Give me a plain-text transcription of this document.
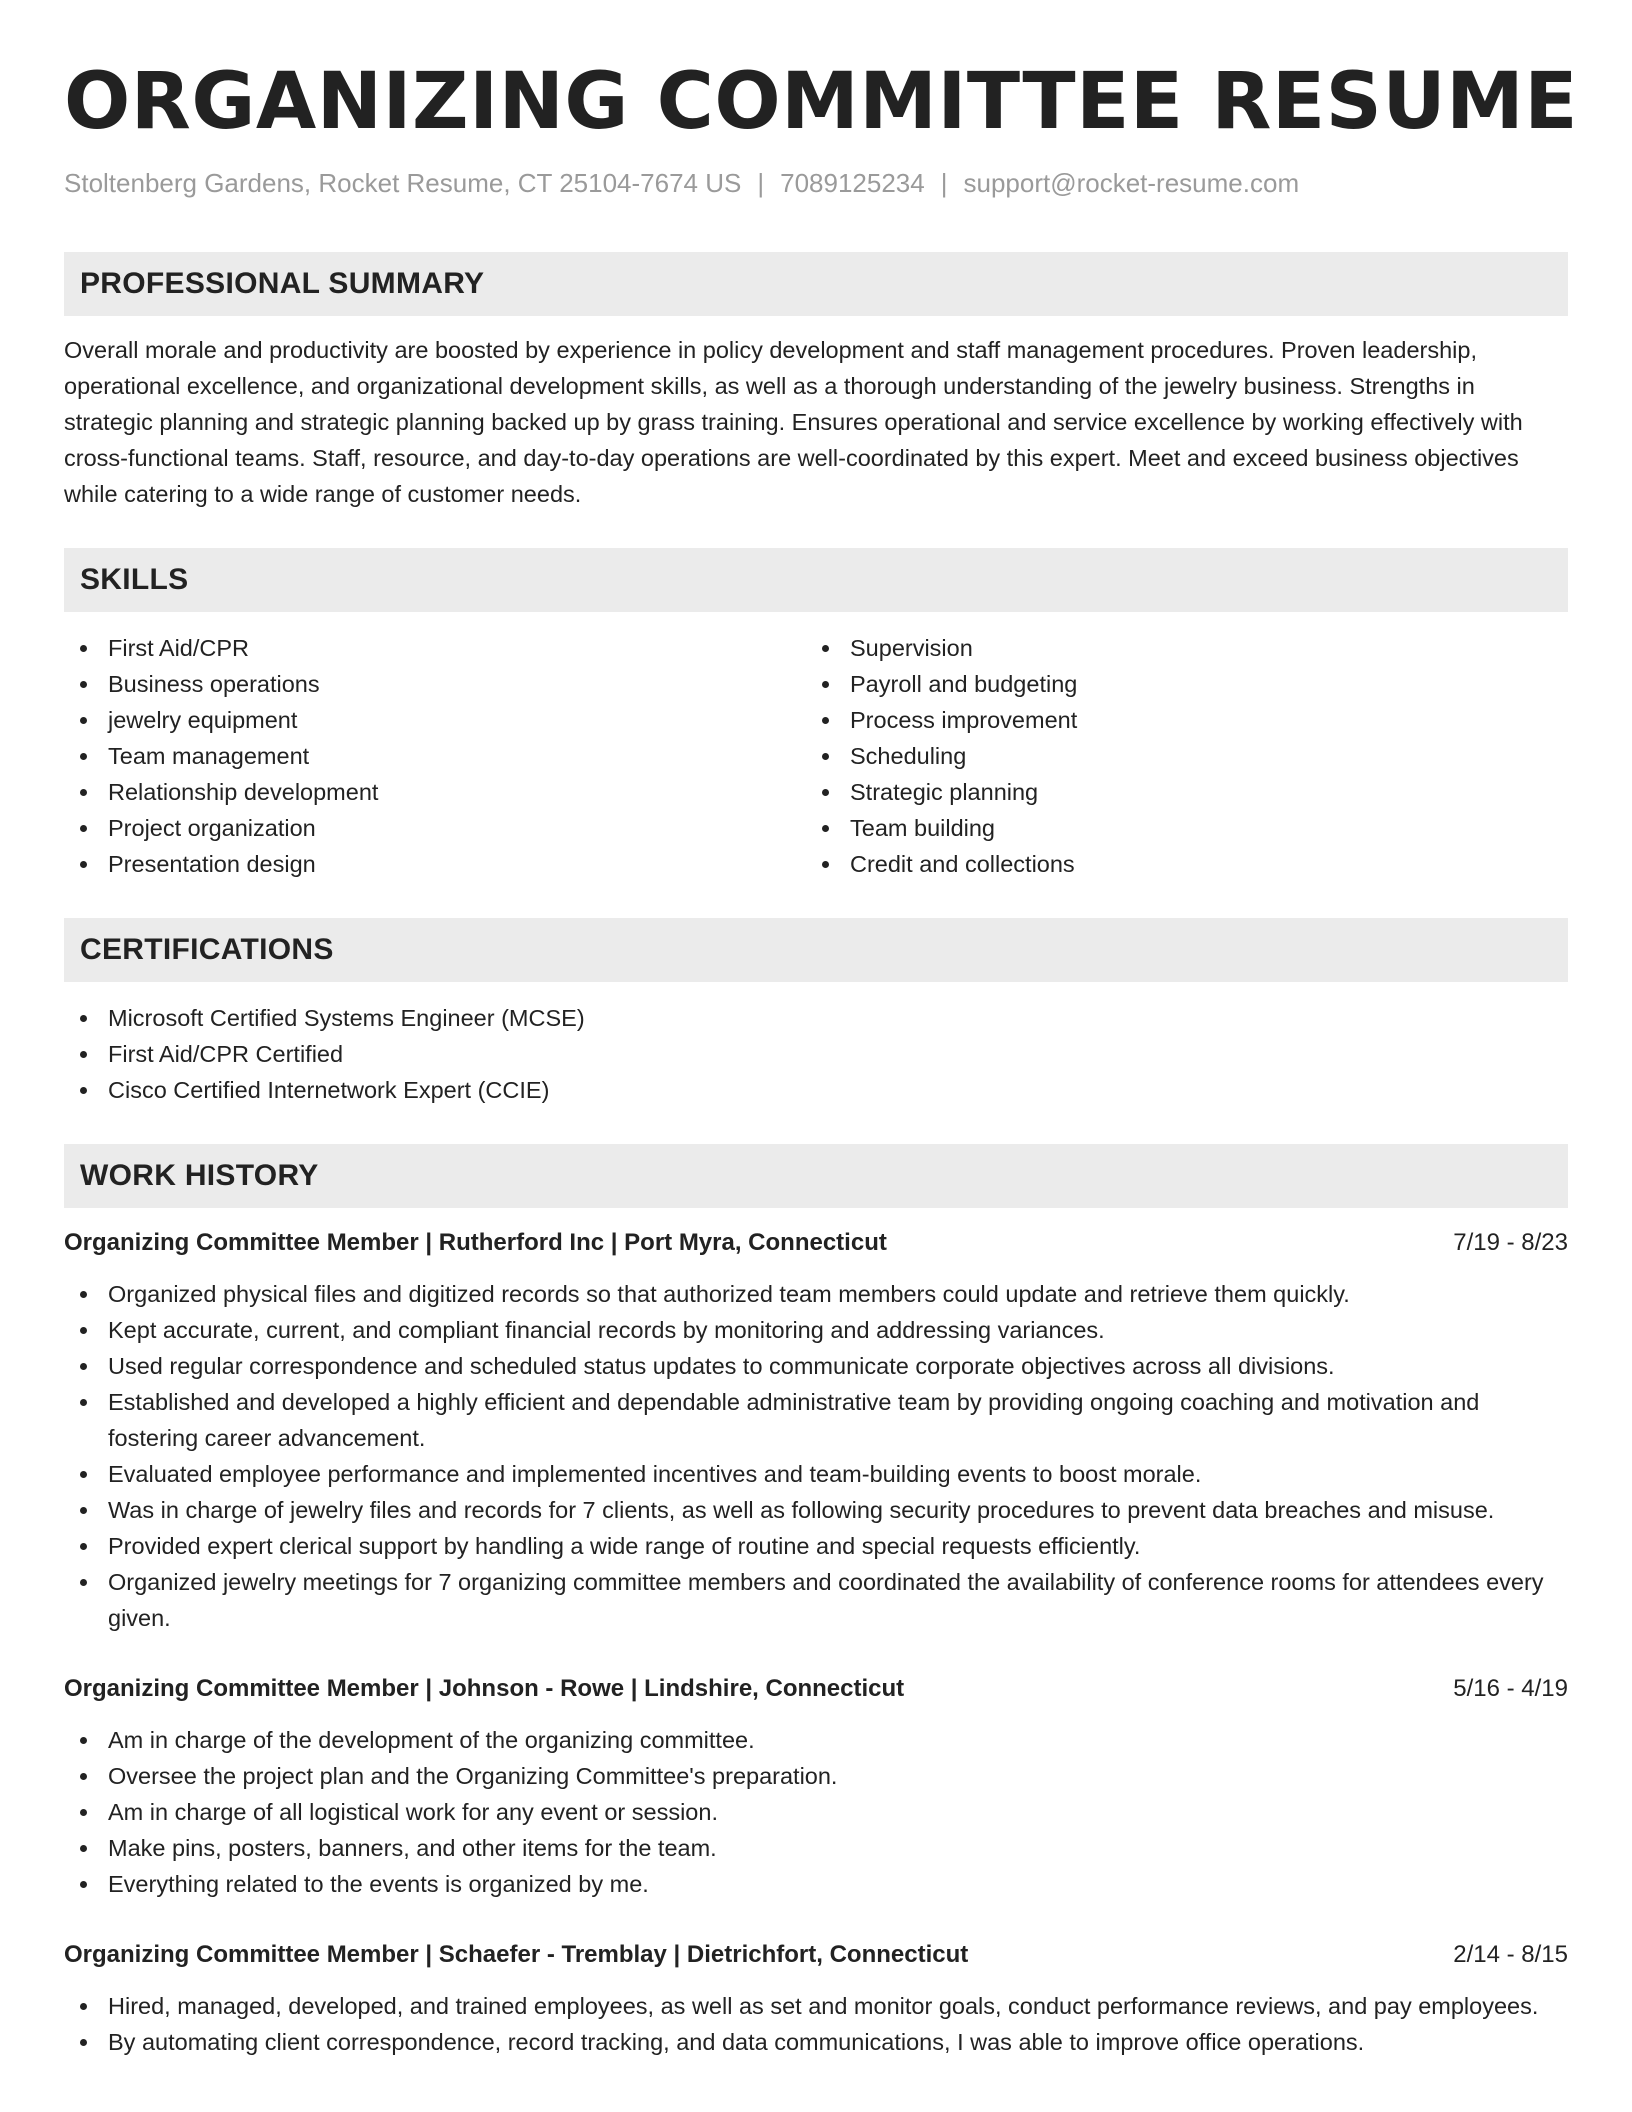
ORGANIZING COMMITTEE RESUME
Stoltenberg Gardens, Rocket Resume, CT 25104-7674 US | 7089125234 | support@rocket-resume.com
PROFESSIONAL SUMMARY

Overall morale and productivity are boosted by experience in policy development and staff management procedures. Proven leadership, operational excellence, and organizational development skills, as well as a thorough understanding of the jewelry business. Strengths in strategic planning and strategic planning backed up by grass training. Ensures operational and service excellence by working effectively with cross-functional teams. Staff, resource, and day-to-day operations are well-coordinated by this expert. Meet and exceed business objectives while catering to a wide range of customer needs.

SKILLS
First Aid/CPR
Business operations
jewelry equipment
Team management
Relationship development
Project organization
Presentation design
Supervision
Payroll and budgeting
Process improvement
Scheduling
Strategic planning
Team building
Credit and collections
CERTIFICATIONS
Microsoft Certified Systems Engineer (MCSE)
First Aid/CPR Certified
Cisco Certified Internetwork Expert (CCIE)
WORK HISTORY
Organizing Committee Member | Rutherford Inc | Port Myra, Connecticut	7/19 - 8/23
Organized physical files and digitized records so that authorized team members could update and retrieve them quickly.
Kept accurate, current, and compliant financial records by monitoring and addressing variances.
Used regular correspondence and scheduled status updates to communicate corporate objectives across all divisions.
Established and developed a highly efficient and dependable administrative team by providing ongoing coaching and motivation and fostering career advancement.
Evaluated employee performance and implemented incentives and team-building events to boost morale.
Was in charge of jewelry files and records for 7 clients, as well as following security procedures to prevent data breaches and misuse.
Provided expert clerical support by handling a wide range of routine and special requests efficiently.
Organized jewelry meetings for 7 organizing committee members and coordinated the availability of conference rooms for attendees every given.
Organizing Committee Member | Johnson - Rowe | Lindshire, Connecticut	5/16 - 4/19
Am in charge of the development of the organizing committee.
Oversee the project plan and the Organizing Committee's preparation.
Am in charge of all logistical work for any event or session.
Make pins, posters, banners, and other items for the team.
Everything related to the events is organized by me.
Organizing Committee Member | Schaefer - Tremblay | Dietrichfort, Connecticut	2/14 - 8/15
Hired, managed, developed, and trained employees, as well as set and monitor goals, conduct performance reviews, and pay employees.
By automating client correspondence, record tracking, and data communications, I was able to improve office operations.
